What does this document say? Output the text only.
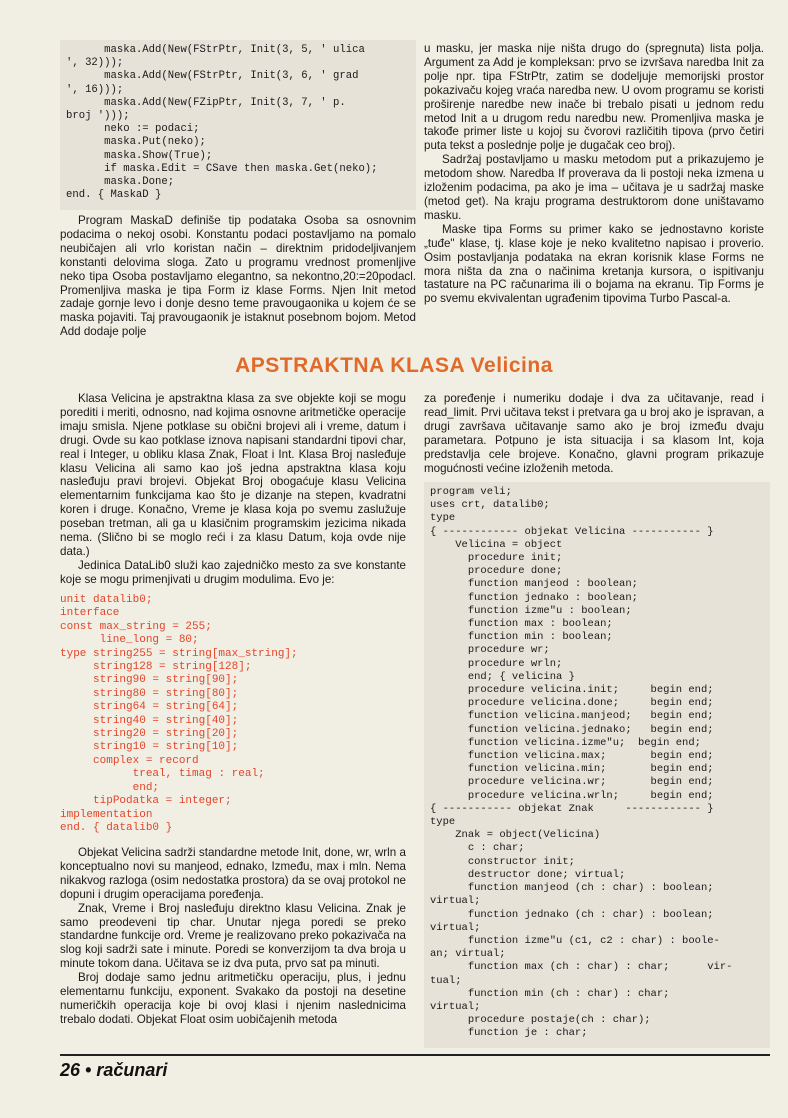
maska.Add(New(FStrPtr, Init(3, 5, ' ulica
', 32)));
maska.Add(New(FStrPtr, Init(3, 6, ' grad
', 16)));
maska.Add(New(FZipPtr, Init(3, 7, ' p.
broj ')));
neko := podaci;
maska.Put(neko);
maska.Show(True);
if maska.Edit = CSave then maska.Get(neko);
maska.Done;
end. { MaskaD }

Program MaskaD definiše tip podataka Osoba sa osnovnim podacima o nekoj osobi. Konstantu podaci postavljamo na pomalo neubičajen ali vrlo koristan način – direktnim pridodeljivanjem konstanti delovima sloga. Zato u programu vrednost promenljive neko tipa Osoba postavljamo elegantno, sa nekontno,20:=20podacl. Promenljiva maska je tipa Form iz klase Forms. Njen Init metod zadaje gornje levo i donje desno teme pravougaonika u kojem će se maska pojaviti. Taj pravougaonik je istaknut posebnom bojom. Metod Add dodaje polje

u masku, jer maska nije ništa drugo do (spregnuta) lista polja. Argument za Add je kompleksan: prvo se izvršava naredba Init za polje npr. tipa FStrPtr, zatim se dodeljuje memorijski prostor pokazivaču kojeg vraća naredba new. U ovom programu se koristi proširenje naredbe new inače bi trebalo pisati u jednom redu metod Init a u drugom redu naredbu new. Promenljiva maska je takođe primer liste u kojoj su čvorovi različitih tipova (prvo četiri puta tekst a poslednje polje je dugačak ceo broj).

Sadržaj postavljamo u masku metodom put a prikazujemo je metodom show. Naredba If proverava da li postoji neka izmena u izloženim podacima, pa ako je ima – učitava je u sadržaj maske (metod get). Na kraju programa destruktorom done uništavamo masku.

Maske tipa Forms su primer kako se jednostavno koriste „tuđe" klase, tj. klase koje je neko kvalitetno napisao i proverio. Osim postavljanja podataka na ekran korisnik klase Forms ne mora ništa da zna o načinima kretanja kursora, o ispitivanju tastature na PC računarima ili o bojama na ekranu. Tip Forms je po svemu ekvivalentan ugrađenim tipovima Turbo Pascal-a.

APSTRAKTNA KLASA Velicina

Klasa Velicina je apstraktna klasa za sve objekte koji se mogu porediti i meriti, odnosno, nad kojima osnovne aritmetičke operacije imaju smisla. Njene potklase su obični brojevi ali i vreme, datum i drugi. Ovde su kao potklase iznova napisani standardni tipovi char, real i Integer, u obliku klasa Znak, Float i Int. Klasa Broj nasleđuje klasu Velicina ali samo kao još jedna apstraktna klasa koju nasleđuju pravi brojevi. Objekat Broj obogaćuje klasu Velicina elementarnim funkcijama kao što je dizanje na stepen, kvadratni koren i druge. Konačno, Vreme je klasa koja po svemu zaslužuje poseban tretman, ali ga u klasičnim programskim jezicima nikada nema. (Slično bi se moglo reći i za klasu Datum, koja ovde nije data.)

Jedinica DataLib0 služi kao zajedničko mesto za sve konstante koje se mogu primenjivati u drugim modulima. Evo je:

unit datalib0;
interface
const max_string = 255;
line_long = 80;
type string255 = string[max_string];
string128 = string[128];
string90 = string[90];
string80 = string[80];
string64 = string[64];
string40 = string[40];
string20 = string[20];
string10 = string[10];
complex = record
treal, timag : real;
end;
tipPodatka = integer;
implementation
end. { datalib0 }

Objekat Velicina sadrži standardne metode Init, done, wr, wrln a konceptualno novi su manjeod, ednako, Između, max i mln. Nema nikakvog razloga (osim nedostatka prostora) da se ovaj protokol ne dopuni i drugim operacijama poređenja.

Znak, Vreme i Broj nasleđuju direktno klasu Velicina. Znak je samo preodeveni tip char. Unutar njega poredi se preko standardne funkcije ord. Vreme je realizovano preko pokazivača na slog koji sadrži sate i minute. Poredi se konverzijom ta dva broja u minute tokom dana. Učitava se iz dva puta, prvo sat pa minuti.

Broj dodaje samo jednu aritmetičku operaciju, plus, i jednu elementarnu funkciju, exponent. Svakako da postoji na desetine numeričkih operacija koje bi ovoj klasi i njenim naslednicima trebalo dodati. Objekat Float osim uobičajenih metoda

za poređenje i numeriku dodaje i dva za učitavanje, read i read_limit. Prvi učitava tekst i pretvara ga u broj ako je ispravan, a drugi završava učitavanje samo ako je broj između dvaju parametara. Potpuno je ista situacija i sa klasom Int, koja predstavlja cele brojeve. Konačno, glavni program prikazuje mogućnosti većine izloženih metoda.

program veli;
uses crt, datalib0;
type
{ ------------ objekat Velicina ----------- }
Velicina = object
procedure init;
procedure done;
function manjeod : boolean;
function jednako : boolean;
function izme"u : boolean;
function max : boolean;
function min : boolean;
procedure wr;
procedure wrln;
end; { velicina }
procedure velicina.init;     begin end;
procedure velicina.done;     begin end;
function velicina.manjeod;   begin end;
function velicina.jednako;   begin end;
function velicina.izme"u;  begin end;
function velicina.max;       begin end;
function velicina.min;       begin end;
procedure velicina.wr;       begin end;
procedure velicina.wrln;     begin end;
{ ----------- objekat Znak     ------------ }
type
Znak = object(Velicina)
c : char;
constructor init;
destructor done; virtual;
function manjeod (ch : char) : boolean;
virtual;
function jednako (ch : char) : boolean;
virtual;
function izme"u (c1, c2 : char) : boole-
an; virtual;
function max (ch : char) : char;      vir-
tual;
function min (ch : char) : char;
virtual;
procedure postaje(ch : char);
function je : char;
26 • računari
